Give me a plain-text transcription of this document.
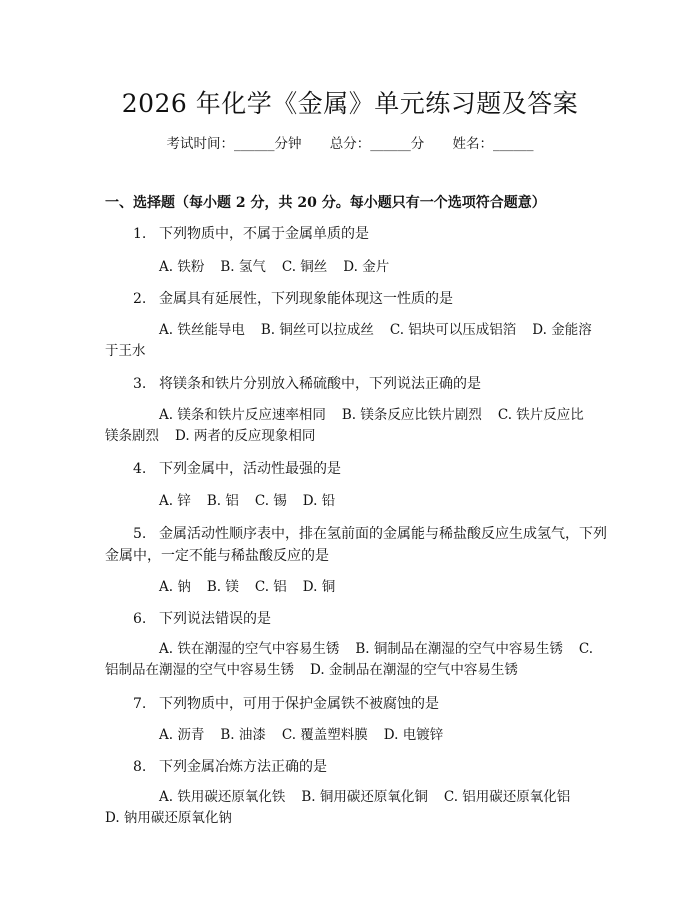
2026 年化学《金属》单元练习题及答案
考试时间：______分钟 总分：______分 姓名：______
一、选择题（每小题 2 分，共 20 分。每小题只有一个选项符合题意）
1. 下列物质中，不属于金属单质的是
A. 铁粉 B. 氢气 C. 铜丝 D. 金片
2. 金属具有延展性，下列现象能体现这一性质的是
A. 铁丝能导电 B. 铜丝可以拉成丝 C. 铝块可以压成铝箔 D. 金能溶于王水
3. 将镁条和铁片分别放入稀硫酸中，下列说法正确的是
A. 镁条和铁片反应速率相同 B. 镁条反应比铁片剧烈 C. 铁片反应比镁条剧烈 D. 两者的反应现象相同
4. 下列金属中，活动性最强的是
A. 锌 B. 铝 C. 锡 D. 铅
5. 金属活动性顺序表中，排在氢前面的金属能与稀盐酸反应生成氢气，下列
金属中，一定不能与稀盐酸反应的是
A. 钠 B. 镁 C. 铝 D. 铜
6. 下列说法错误的是
A. 铁在潮湿的空气中容易生锈 B. 铜制品在潮湿的空气中容易生锈 C. 铝制品在潮湿的空气中容易生锈 D. 金制品在潮湿的空气中容易生锈
7. 下列物质中，可用于保护金属铁不被腐蚀的是
A. 沥青 B. 油漆 C. 覆盖塑料膜 D. 电镀锌
8. 下列金属冶炼方法正确的是
A. 铁用碳还原氧化铁 B. 铜用碳还原氧化铜 C. 铝用碳还原氧化铝D. 钠用碳还原氧化钠
